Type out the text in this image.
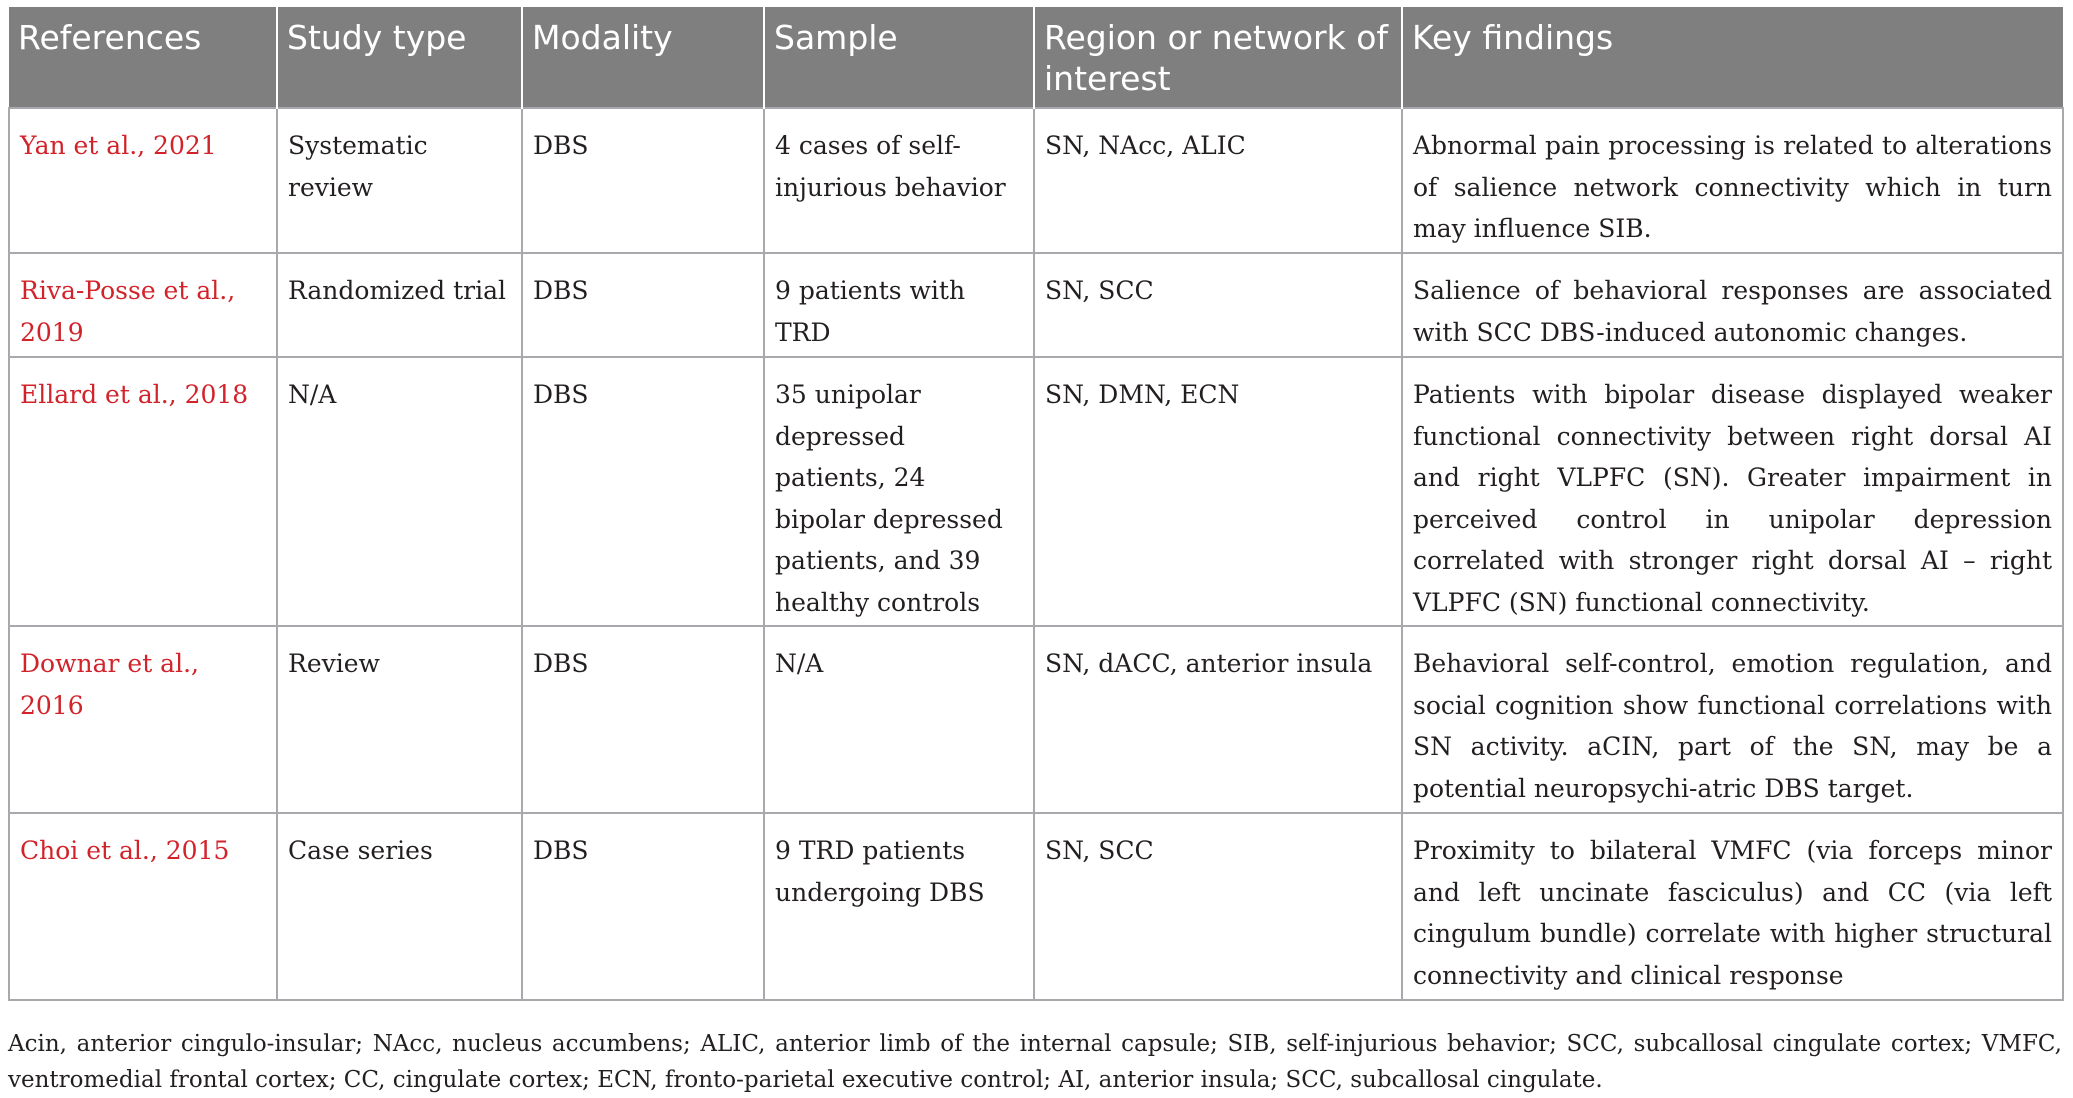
References	Study type	Modality	Sample	Region or network of interest	Key findings
Yan et al., 2021	Systematic review	DBS	4 cases of self-injurious behavior	SN, NAcc, ALIC	Abnormal pain processing is related to alterations of salience network connectivity which in turn may influence SIB.
Riva-Posse et al., 2019	Randomized trial	DBS	9 patients with TRD	SN, SCC	Salience of behavioral responses are associated with SCC DBS-induced autonomic changes.
Ellard et al., 2018	N/A	DBS	35 unipolar depressed patients, 24 bipolar depressed patients, and 39 healthy controls	SN, DMN, ECN	Patients with bipolar disease displayed weaker functional connectivity between right dorsal AI and right VLPFC (SN). Greater impairment in perceived control in unipolar depression correlated with stronger right dorsal AI – right VLPFC (SN) functional connectivity.
Downar et al., 2016	Review	DBS	N/A	SN, dACC, anterior insula	Behavioral self-control, emotion regulation, and social cognition show functional correlations with SN activity. aCIN, part of the SN, may be a potential neuropsychi-atric DBS target.
Choi et al., 2015	Case series	DBS	9 TRD patients undergoing DBS	SN, SCC	Proximity to bilateral VMFC (via forceps minor and left uncinate fasciculus) and CC (via left cingulum bundle) correlate with higher structural connectivity and clinical response
Acin, anterior cingulo-insular; NAcc, nucleus accumbens; ALIC, anterior limb of the internal capsule; SIB, self-injurious behavior; SCC, subcallosal cingulate cortex; VMFC, ventromedial frontal cortex; CC, cingulate cortex; ECN, fronto-parietal executive control; AI, anterior insula; SCC, subcallosal cingulate.
